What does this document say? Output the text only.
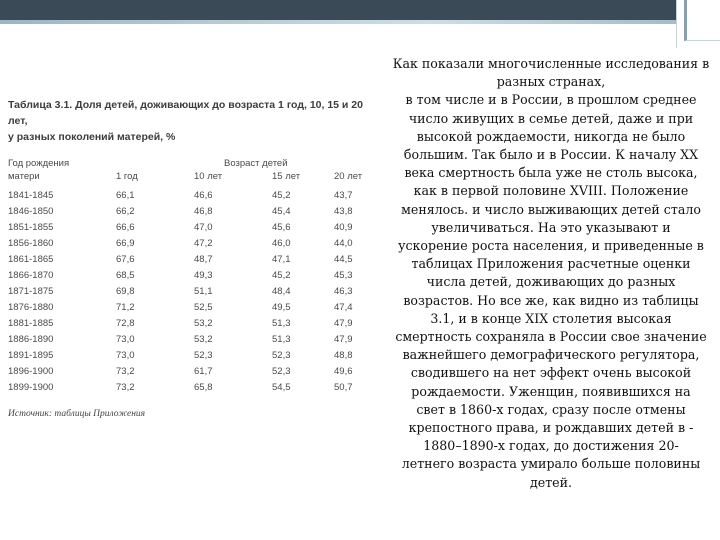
Таблица 3.1. Доля детей, доживающих до возраста 1 год, 10, 15 и 20 лет,
у разных поколений матерей, %
Год рождения	Возраст детей			
матери	1 год	10 лет	15 лет	20 лет

1841-1845	66,1	46,6	45,2	43,7
1846-1850	66,2	46,8	45,4	43,8
1851-1855	66,6	47,0	45,6	40,9
1856-1860	66,9	47,2	46,0	44,0
1861-1865	67,6	48,7	47,1	44,5
1866-1870	68,5	49,3	45,2	45,3
1871-1875	69,8	51,1	48,4	46,3
1876-1880	71,2	52,5	49,5	47,4
1881-1885	72,8	53,2	51,3	47,9
1886-1890	73,0	53,2	51,3	47,9
1891-1895	73,0	52,3	52,3	48,8
1896-1900	73,2	61,7	52,3	49,6
1899-1900	73,2	65,8	54,5	50,7
Источник: таблицы Приложения

Как показали многочисленные исследования в

разных странах,

в том числе и в России, в прошлом среднее

число живущих в семье детей, даже и при

высокой рождаемости, никогда не было

большим. Так было и в России. К началу XX

века смертность была уже не столь высока,

как в первой половине XVIII. Положение

менялось. и число выживающих детей стало

увеличиваться. На это указывают и

ускорение роста населения, и приведенные в

таблицах Приложения расчетные оценки

числа детей, доживающих до разных

возрастов. Но все же, как видно из таблицы

3.1, и в конце XIX столетия высокая

смертность сохраняла в России свое значение

важнейшего демографического регулятора,

сводившего на нет эффект очень высокой

рождаемости. Уженщин, появившихся на

свет в 1860-х годах, сразу после отмены

крепостного права, и рождавших детей в -

1880–1890-х годах, до достижения 20-

летнего возраста умирало больше половины

детей.
